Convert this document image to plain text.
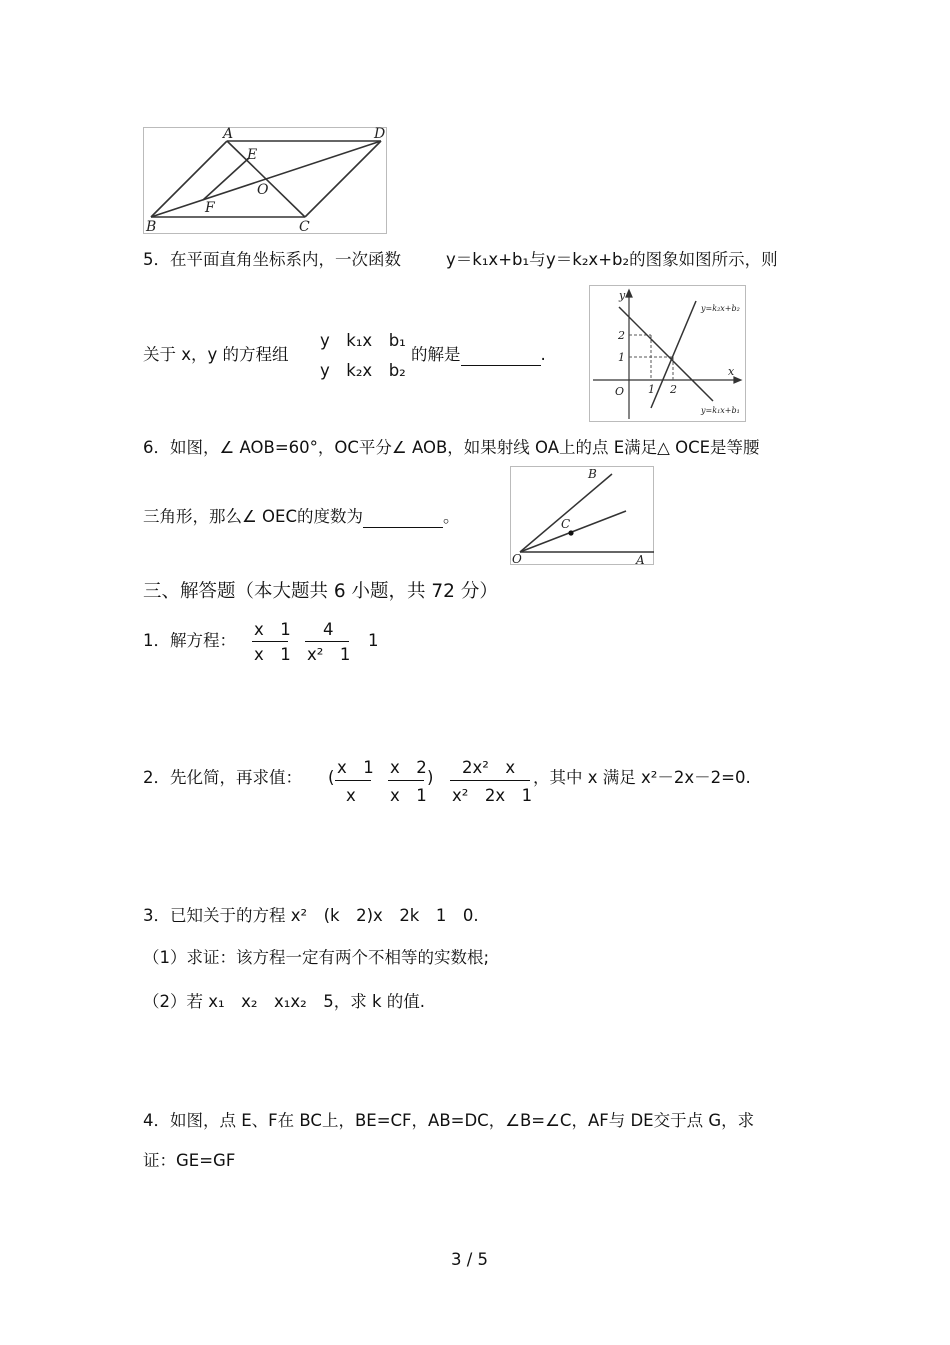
A	D
E
O
F
B	C
5．在平面直角坐标系内，一次函数	y＝k₁x+b₁与 y＝k₂x+b₂的图象如图所示，则
关于 x，y 的方程组
y　k₁x　b₁
y　k₂x　b₂
的解是	.
y
x
O
2
1
1 2
y=k₂x+b₂
y=k₁x+b₁
6．如图，∠ AOB=60°，OC平分∠ AOB，如果射线 OA上的点 E满足△ OCE是等腰
三角形，那么∠ OEC的度数为	。
B
C
O	A
三、解答题（本大题共 6 小题，共 72 分）
1．解方程：
x　1
x　1
4
x²　1
1
2．先化简，再求值： (
x　1
x
x　2
x　1
)
2x²　x
x²　2x　1
，其中 x 满足 x²－2x－2=0.
3．已知关于的方程 x²　(k　2)x　2k　1　0.
（1）求证：该方程一定有两个不相等的实数根;
（2）若 x₁　x₂　x₁x₂　5，求 k 的值.
4．如图，点 E、F在 BC上，BE=CF，AB=DC，∠B=∠C，AF与 DE交于点 G，求
证：GE=GF
3 / 5
